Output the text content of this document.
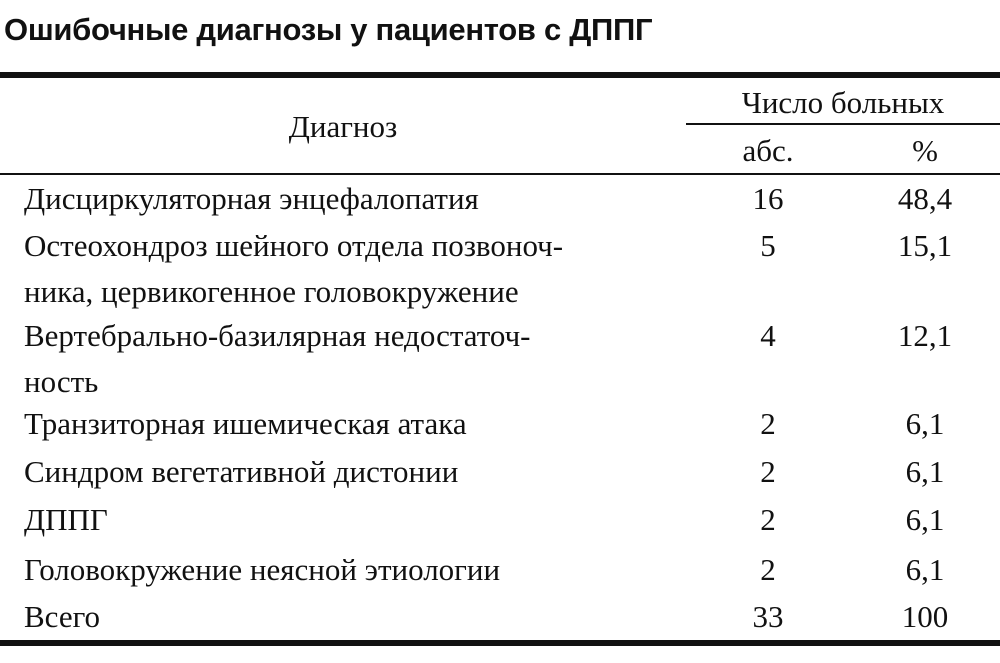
Ошибочные диагнозы у пациентов с ДППГ
Диагноз
Число больных
абс.	%
Дисциркуляторная энцефалопатия	16	48,4
Остеохондроз шейного отдела позвоноч-
ника, цервикогенное головокружение
5	15,1
Вертебрально-базилярная недостаточ-
ность
4	12,1
Транзиторная ишемическая атака	2	6,1
Синдром вегетативной дистонии	2	6,1
ДППГ	2	6,1
Головокружение неясной этиологии	2	6,1
Всего	33	100
